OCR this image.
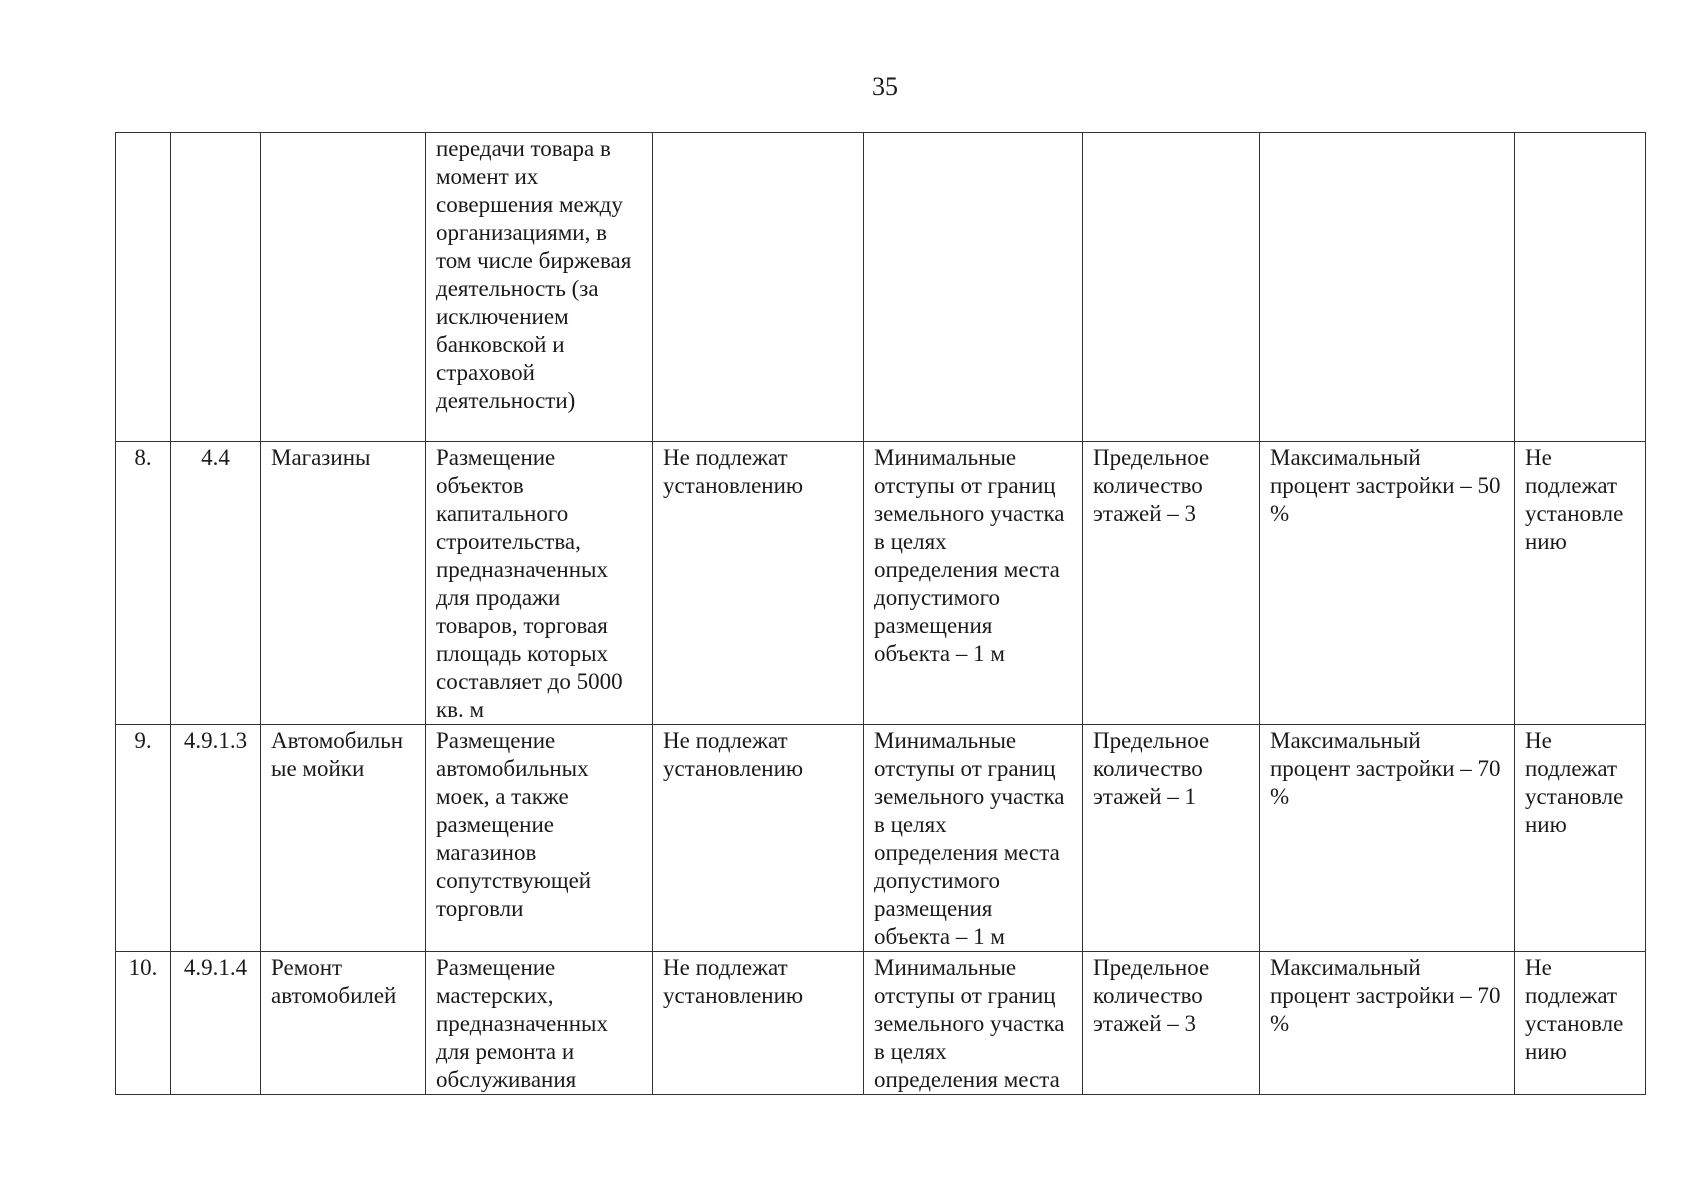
35
			передачи товара в момент их совершения между организациями, в том числе биржевая деятельность (за исключением банковской и страховой деятельности)					
8.	4.4	Магазины	Размещение объектов капитального строительства, предназначенных для продажи товаров, торговая площадь которых составляет до 5000 кв. м	Не подлежат установлению	Минимальные отступы от границ земельного участка в целях определения места допустимого размещения объекта – 1 м	Предельное количество этажей – 3	Максимальный процент застройки – 50 %	Не подлежат установлению
9.	4.9.1.3	Автомобильные мойки	Размещение автомобильных моек, а также размещение магазинов сопутствующей торговли	Не подлежат установлению	Минимальные отступы от границ земельного участка в целях определения места допустимого размещения объекта – 1 м	Предельное количество этажей – 1	Максимальный процент застройки – 70 %	Не подлежат установлению
10.	4.9.1.4	Ремонт автомобилей	Размещение мастерских, предназначенных для ремонта и обслуживания	Не подлежат установлению	Минимальные отступы от границ земельного участка в целях определения места	Предельное количество этажей – 3	Максимальный процент застройки – 70 %	Не подлежат установлению
